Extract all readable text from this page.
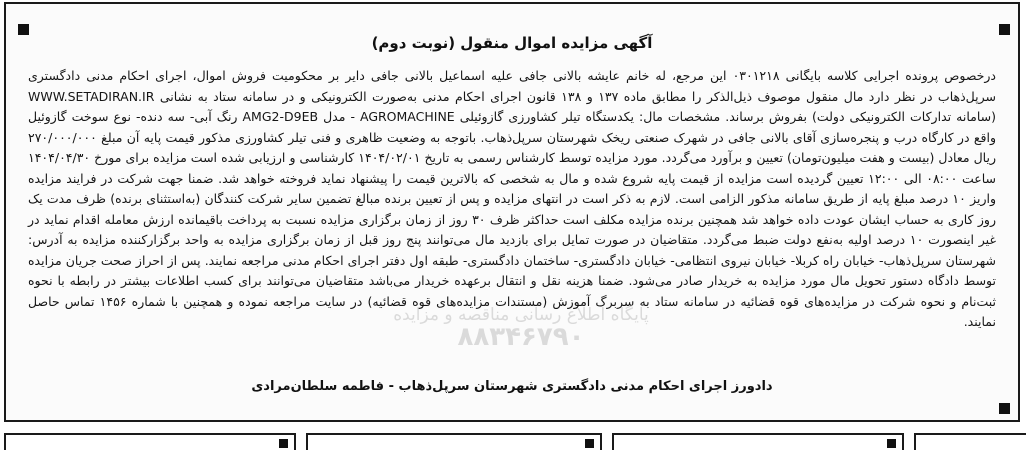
آگهی مزایده اموال منقول (نوبت دوم)

درخصوص پرونده اجرایی کلاسه بایگانی ۰۳۰۱۲۱۸ این مرجع، له خانم عایشه بالانی جافی علیه اسماعیل بالانی جافی دایر بر محکومیت فروش اموال، اجرای احکام مدنی دادگستری سرپل‌ذهاب در نظر دارد مال منقول موصوف ذیل‌الذکر را مطابق ماده ۱۳۷ و ۱۳۸ قانون اجرای احکام مدنی به‌صورت الکترونیکی و در سامانه ستاد به نشانی WWW.SETADIRAN.IR (سامانه تدارکات الکترونیکی دولت) بفروش برساند. مشخصات مال: یکدستگاه تیلر کشاورزی گازوئیلی AGROMACHINE - مدل AMG2-D9EB رنگ آبی- سه دنده- نوع سوخت گازوئیل واقع در کارگاه درب و پنجره‌سازی آقای بالانی جافی در شهرک صنعتی ریخک شهرستان سرپل‌ذهاب. باتوجه به وضعیت ظاهری و فنی تیلر کشاورزی مذکور قیمت پایه آن مبلغ ۲۷۰/۰۰۰/۰۰۰ ریال معادل (بیست و هفت میلیون‌تومان) تعیین و برآورد می‌گردد. مورد مزایده توسط کارشناس رسمی به تاریخ ۱۴۰۴/۰۲/۰۱ کارشناسی و ارزیابی شده است مزایده برای مورخ ۱۴۰۴/۰۴/۳۰ ساعت ۰۸:۰۰ الی ۱۲:۰۰ تعیین گردیده است مزایده از قیمت پایه شروع شده و مال به شخصی که بالاترین قیمت را پیشنهاد نماید فروخته خواهد شد. ضمنا جهت شرکت در فرایند مزایده واریز ۱۰ درصد مبلغ پایه از طریق سامانه مذکور الزامی است. لازم به ذکر است در انتهای مزایده و پس از تعیین برنده مبالغ تضمین سایر شرکت کنندگان (به‌استثنای برنده) ظرف مدت یک روز کاری به حساب ایشان عودت داده خواهد شد همچنین برنده مزایده مکلف است حداکثر ظرف ۳۰ روز از زمان برگزاری مزایده نسبت به پرداخت باقیمانده ارزش معامله اقدام نماید در غیر اینصورت ۱۰ درصد اولیه به‌نفع دولت ضبط می‌گردد. متقاضیان در صورت تمایل برای بازدید مال می‌توانند پنج روز قبل از زمان برگزاری مزایده به واحد برگزارکننده مزایده به آدرس: شهرستان سرپل‌ذهاب- خیابان راه کربلا- خیابان نیروی انتظامی- خیابان دادگستری- ساختمان دادگستری- طبقه اول دفتر اجرای احکام مدنی مراجعه نمایند. پس از احراز صحت جریان مزایده توسط دادگاه دستور تحویل مال مورد مزایده به خریدار صادر می‌شود. ضمنا هزینه نقل و انتقال برعهده خریدار می‌باشد متقاضیان می‌توانند برای کسب اطلاعات بیشتر در رابطه با نحوه ثبت‌نام و نحوه شرکت در مزایده‌های قوه قضائیه در سامانه ستاد به سربرگ آموزش (مستندات مزایده‌های قوه قضائیه) در سایت مراجعه نموده و همچنین با شماره ۱۴۵۶ تماس حاصل نمایند.

پایگاه اطلاع رسانی مناقصه و مزایده
۸۸۳۴۶۷۹۰

دادورز اجرای احکام مدنی دادگستری شهرستان سرپل‌ذهاب - فاطمه سلطان‌مرادی
